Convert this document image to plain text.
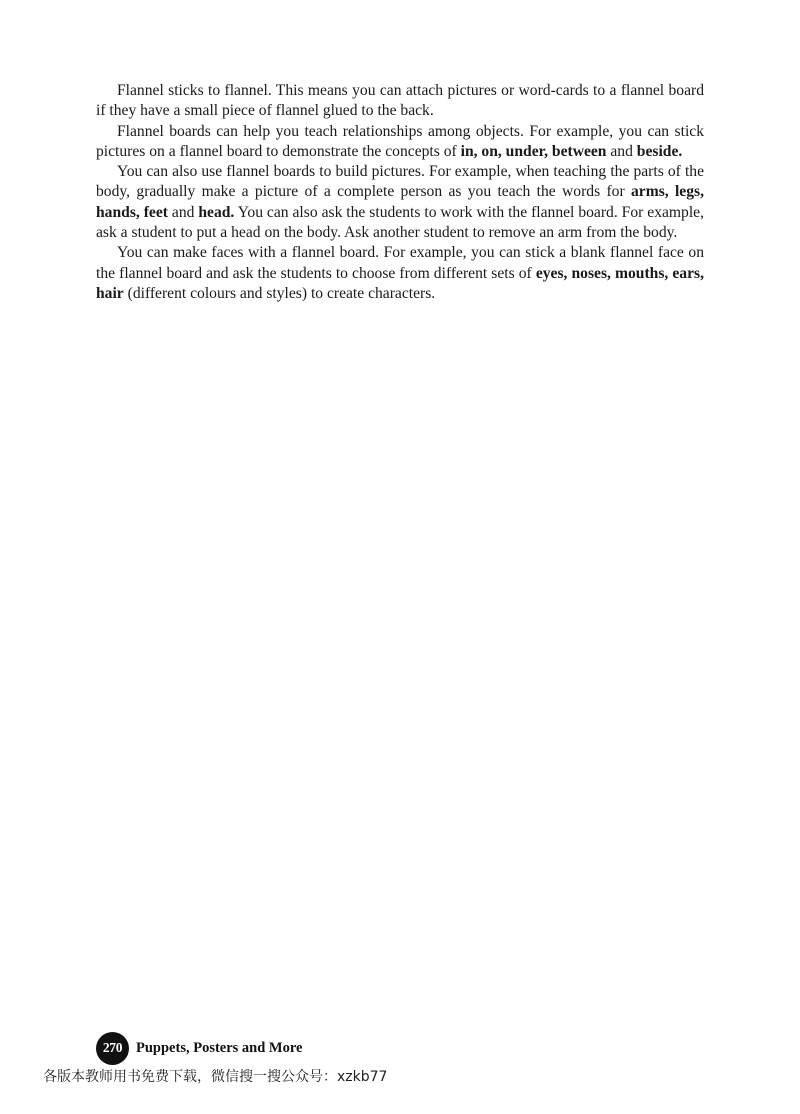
Flannel sticks to flannel. This means you can attach pictures or word-cards to a flannel board if they have a small piece of flannel glued to the back.

Flannel boards can help you teach relationships among objects. For example, you can stick pictures on a flannel board to demonstrate the concepts of in, on, under, between and beside.

You can also use flannel boards to build pictures. For example, when teaching the parts of the body, gradually make a picture of a complete person as you teach the words for arms, legs, hands, feet and head. You can also ask the students to work with the flannel board. For example, ask a student to put a head on the body. Ask another student to remove an arm from the body.

You can make faces with a flannel board. For example, you can stick a blank flannel face on the flannel board and ask the students to choose from different sets of eyes, noses, mouths, ears, hair (different colours and styles) to create characters.

270 Puppets, Posters and More
各版本教师用书免费下载，微信搜一搜公众号：xzkb77
